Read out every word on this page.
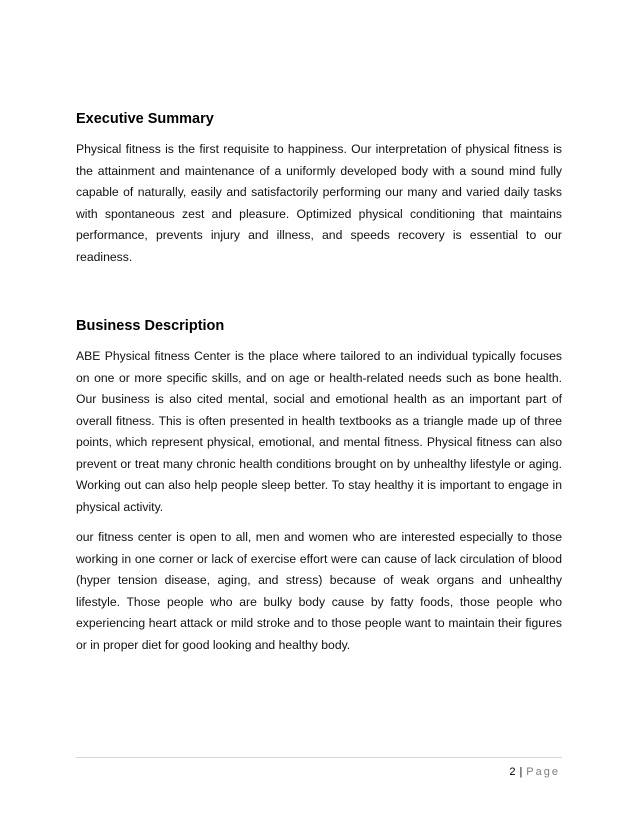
Executive Summary

Physical fitness is the first requisite to happiness. Our interpretation of physical fitness is the attainment and maintenance of a uniformly developed body with a sound mind fully capable of naturally, easily and satisfactorily performing our many and varied daily tasks with spontaneous zest and pleasure. Optimized physical conditioning that maintains performance, prevents injury and illness, and speeds recovery is essential to our readiness.

Business Description

ABE Physical fitness Center is the place where tailored to an individual typically focuses on one or more specific skills, and on age or health-related needs such as bone health. Our business is also cited mental, social and emotional health as an important part of overall fitness. This is often presented in health textbooks as a triangle made up of three points, which represent physical, emotional, and mental fitness. Physical fitness can also prevent or treat many chronic health conditions brought on by unhealthy lifestyle or aging. Working out can also help people sleep better. To stay healthy it is important to engage in physical activity.

our fitness center is open to all, men and women who are interested especially to those working in one corner or lack of exercise effort were can cause of lack circulation of blood (hyper tension disease, aging, and stress) because of weak organs and unhealthy lifestyle. Those people who are bulky body cause by fatty foods, those people who experiencing heart attack or mild stroke and to those people want to maintain their figures or in proper diet for good looking and healthy body.

2 | Page
